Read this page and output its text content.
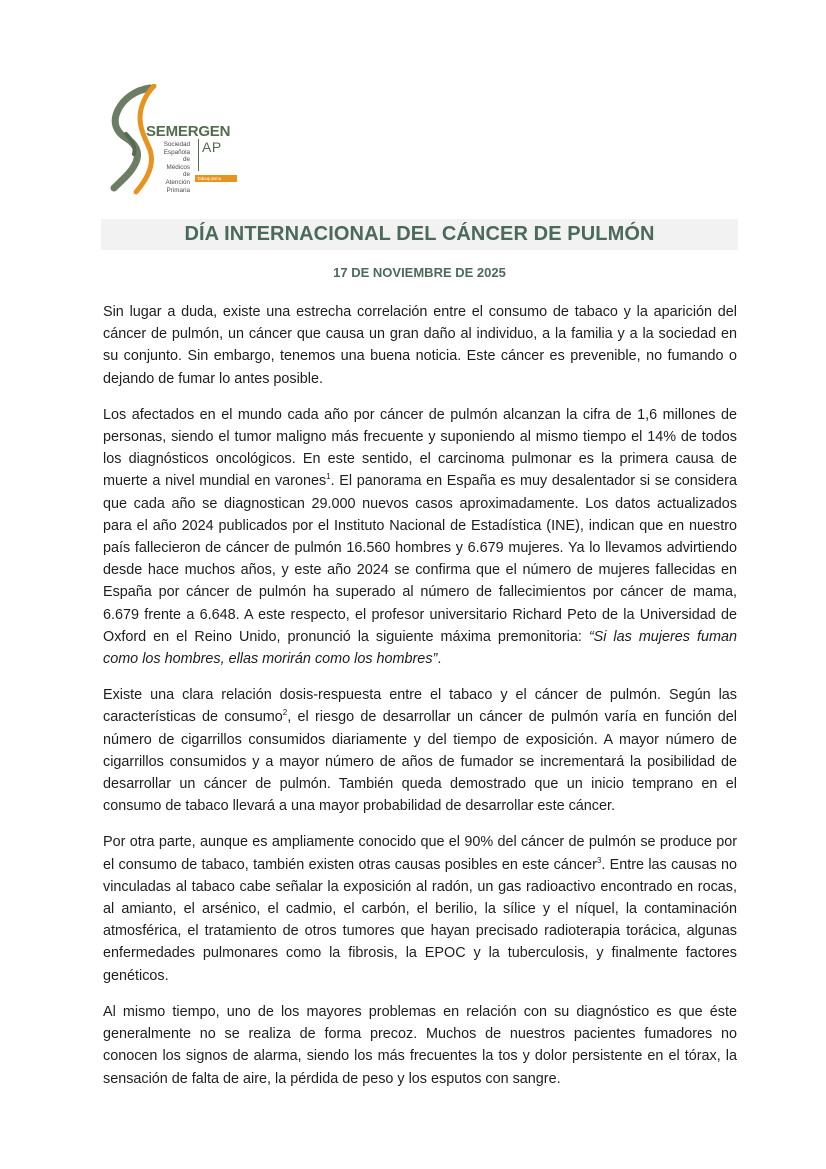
SEMERGEN
Sociedad
Española
de Médicos
de Atención
Primaria
AP
Tabaquismo
DÍA INTERNACIONAL DEL CÁNCER DE PULMÓN
17 DE NOVIEMBRE DE 2025

Sin lugar a duda, existe una estrecha correlación entre el consumo de tabaco y la aparición del cáncer de pulmón, un cáncer que causa un gran daño al individuo, a la familia y a la sociedad en su conjunto. Sin embargo, tenemos una buena noticia. Este cáncer es prevenible, no fumando o dejando de fumar lo antes posible.

Los afectados en el mundo cada año por cáncer de pulmón alcanzan la cifra de 1,6 millones de personas, siendo el tumor maligno más frecuente y suponiendo al mismo tiempo el 14% de todos los diagnósticos oncológicos. En este sentido, el carcinoma pulmonar es la primera causa de muerte a nivel mundial en varones$^1$. El panorama en España es muy desalentador si se considera que cada año se diagnostican 29.000 nuevos casos aproximadamente. Los datos actualizados para el año 2024 publicados por el Instituto Nacional de Estadística (INE), indican que en nuestro país fallecieron de cáncer de pulmón 16.560 hombres y 6.679 mujeres. Ya lo llevamos advirtiendo desde hace muchos años, y este año 2024 se confirma que el número de mujeres fallecidas en España por cáncer de pulmón ha superado al número de fallecimientos por cáncer de mama, 6.679 frente a 6.648. A este respecto, el profesor universitario Richard Peto de la Universidad de Oxford en el Reino Unido, pronunció la siguiente máxima premonitoria: “Si las mujeres fuman como los hombres, ellas morirán como los hombres”.

Existe una clara relación dosis-respuesta entre el tabaco y el cáncer de pulmón. Según las características de consumo$^2$, el riesgo de desarrollar un cáncer de pulmón varía en función del número de cigarrillos consumidos diariamente y del tiempo de exposición. A mayor número de cigarrillos consumidos y a mayor número de años de fumador se incrementará la posibilidad de desarrollar un cáncer de pulmón. También queda demostrado que un inicio temprano en el consumo de tabaco llevará a una mayor probabilidad de desarrollar este cáncer.

Por otra parte, aunque es ampliamente conocido que el 90% del cáncer de pulmón se produce por el consumo de tabaco, también existen otras causas posibles en este cáncer$^3$. Entre las causas no vinculadas al tabaco cabe señalar la exposición al radón, un gas radioactivo encontrado en rocas, al amianto, el arsénico, el cadmio, el carbón, el berilio, la sílice y el níquel, la contaminación atmosférica, el tratamiento de otros tumores que hayan precisado radioterapia torácica, algunas enfermedades pulmonares como la fibrosis, la EPOC y la tuberculosis, y finalmente factores genéticos.

Al mismo tiempo, uno de los mayores problemas en relación con su diagnóstico es que éste generalmente no se realiza de forma precoz. Muchos de nuestros pacientes fumadores no conocen los signos de alarma, siendo los más frecuentes la tos y dolor persistente en el tórax, la sensación de falta de aire, la pérdida de peso y los esputos con sangre.
